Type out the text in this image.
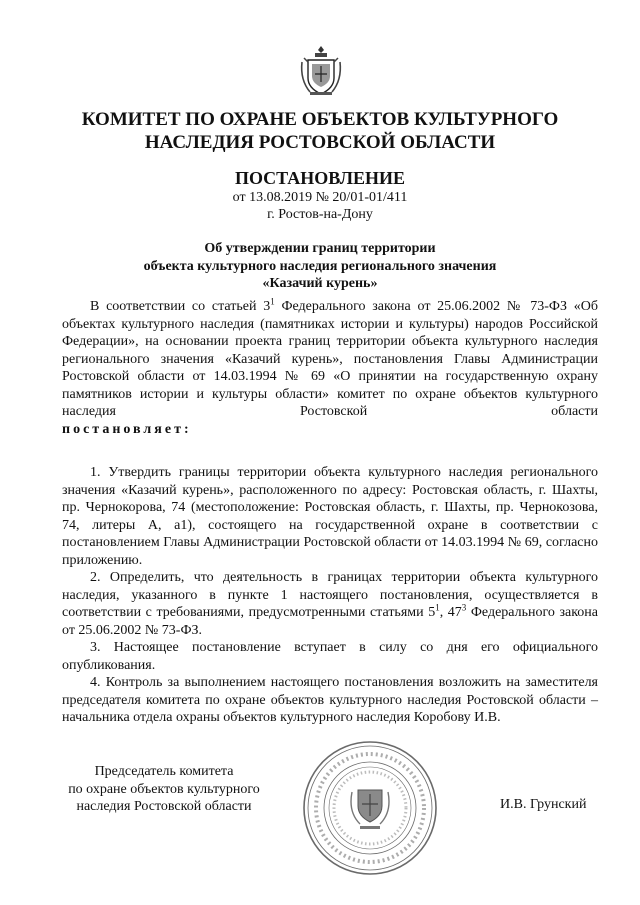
КОМИТЕТ ПО ОХРАНЕ ОБЪЕКТОВ КУЛЬТУРНОГО
НАСЛЕДИЯ РОСТОВСКОЙ ОБЛАСТИ
ПОСТАНОВЛЕНИЕ
от 13.08.2019 № 20/01-01/411
г. Ростов-на-Дону
Об утверждении границ территории
объекта культурного наследия регионального значения
«Казачий курень»

В соответствии со статьей $3^1$ Федерального закона от 25.06.2002 № 73-ФЗ «Об объектах культурного наследия (памятниках истории и культуры) народов Российской Федерации», на основании проекта границ территории объекта культурного наследия регионального значения «Казачий курень», постановления Главы Администрации Ростовской области от 14.03.1994 № 69 «О принятии на государственную охрану памятников истории и культуры области» комитет по охране объектов культурного наследия Ростовской области

постановляет:

1. Утвердить границы территории объекта культурного наследия регионального значения «Казачий курень», расположенного по адресу: Ростовская область, г. Шахты, пр. Чернокорова, 74 (местоположение: Ростовская область, г. Шахты, пр. Чернокозова, 74, литеры А, а1), состоящего на государственной охране в соответствии с постановлением Главы Администрации Ростовской области от 14.03.1994 № 69, согласно приложению.

2. Определить, что деятельность в границах территории объекта культурного наследия, указанного в пункте 1 настоящего постановления, осуществляется в соответствии с требованиями, предусмотренными статьями $5^1$, $47^3$ Федерального закона от 25.06.2002 № 73-ФЗ.

3. Настоящее постановление вступает в силу со дня его официального опубликования.

4. Контроль за выполнением настоящего постановления возложить на заместителя председателя комитета по охране объектов культурного наследия Ростовской области – начальника отдела охраны объектов культурного наследия Коробову И.В.

Председатель комитета
по охране объектов культурного
наследия Ростовской области	И.В. Грунский
